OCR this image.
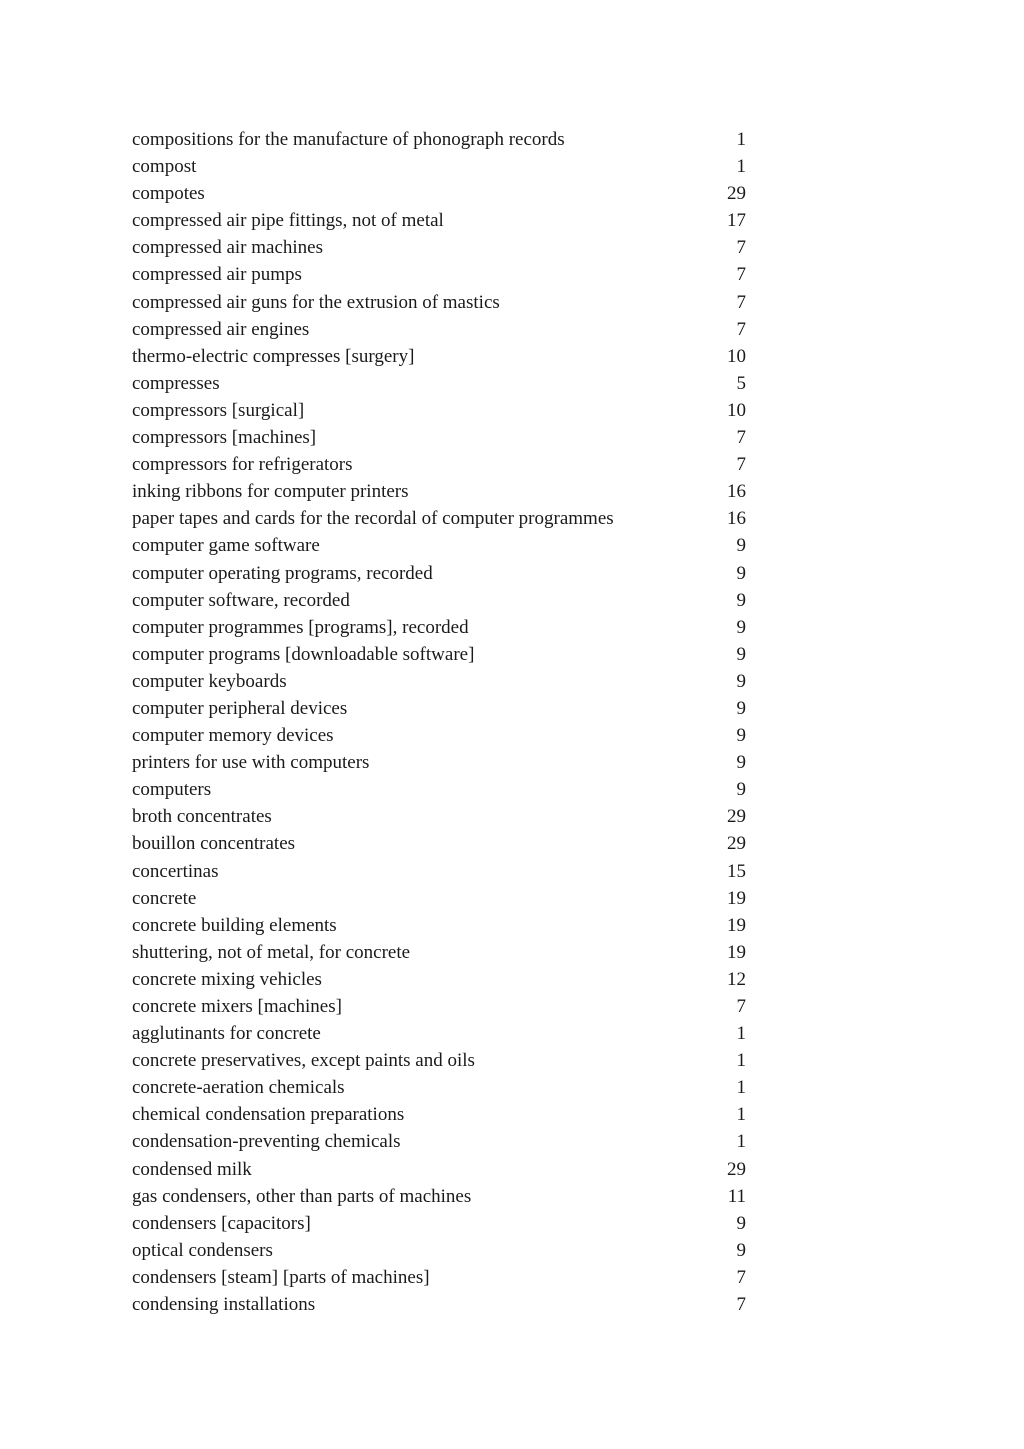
compositions for the manufacture of phonograph records	1
compost	1
compotes	29
compressed air pipe fittings, not of metal	17
compressed air machines	7
compressed air pumps	7
compressed air guns for the extrusion of mastics	7
compressed air engines	7
thermo-electric compresses [surgery]	10
compresses	5
compressors [surgical]	10
compressors [machines]	7
compressors for refrigerators	7
inking ribbons for computer printers	16
paper tapes and cards for the recordal of computer programmes	16
computer game software	9
computer operating programs, recorded	9
computer software, recorded	9
computer programmes [programs], recorded	9
computer programs [downloadable software]	9
computer keyboards	9
computer peripheral devices	9
computer memory devices	9
printers for use with computers	9
computers	9
broth concentrates	29
bouillon concentrates	29
concertinas	15
concrete	19
concrete building elements	19
shuttering, not of metal, for concrete	19
concrete mixing vehicles	12
concrete mixers [machines]	7
agglutinants for concrete	1
concrete preservatives, except paints and oils	1
concrete-aeration chemicals	1
chemical condensation preparations	1
condensation-preventing chemicals	1
condensed milk	29
gas condensers, other than parts of machines	11
condensers [capacitors]	9
optical condensers	9
condensers [steam] [parts of machines]	7
condensing installations	7
